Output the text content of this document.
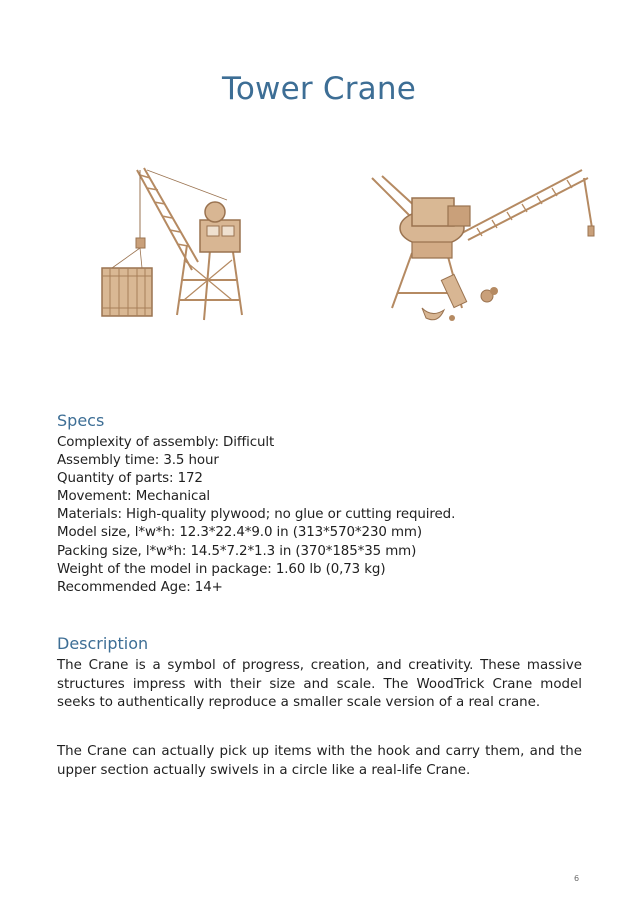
Tower Crane
Specs
Complexity of assembly: Difficult
Assembly time: 3.5 hour
Quantity of parts: 172
Movement: Mechanical
Materials: High-quality plywood; no glue or cutting required.
Model size, l*w*h: 12.3*22.4*9.0 in (313*570*230 mm)
Packing size, l*w*h: 14.5*7.2*1.3 in (370*185*35 mm)
Weight of the model in package: 1.60 lb (0,73 kg)
Recommended Age: 14+
Description

The Crane is a symbol of progress, creation, and creativity. These massive structures impress with their size and scale. The WoodTrick Crane model seeks to authentically reproduce a smaller scale version of a real crane.

The Crane can actually pick up items with the hook and carry them, and the upper section actually swivels in a circle like a real-life Crane.

6
